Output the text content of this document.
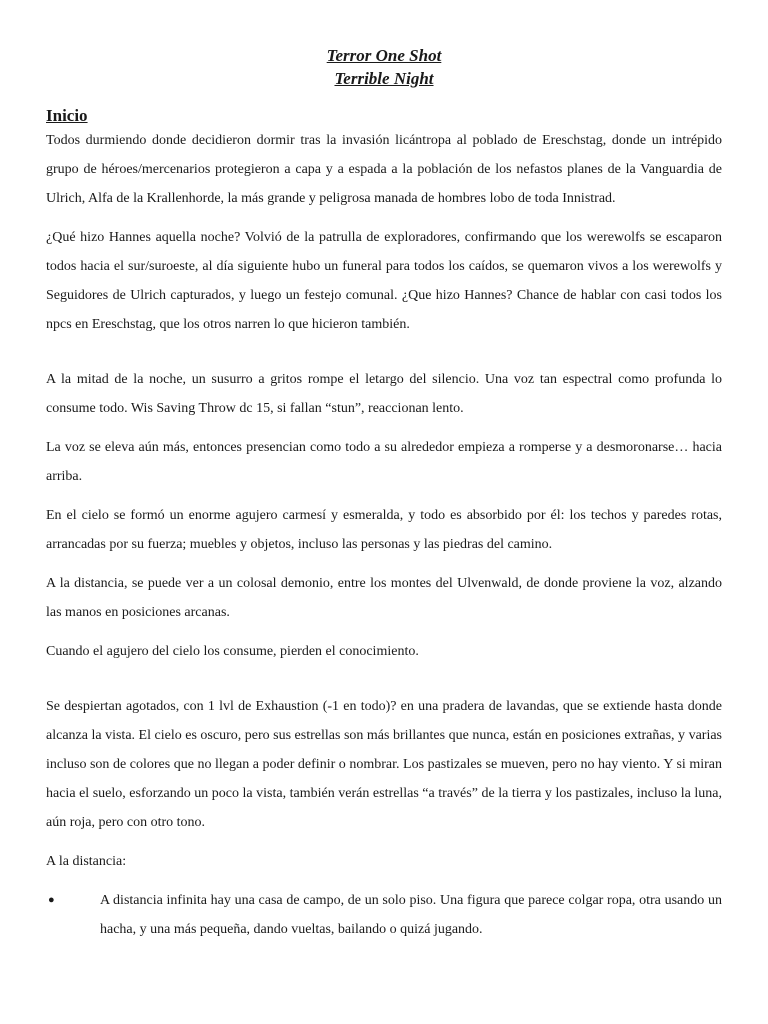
Terror One Shot
Terrible Night
Inicio

Todos durmiendo donde decidieron dormir tras la invasión licántropa al poblado de Ereschstag, donde un intrépido grupo de héroes/mercenarios protegieron a capa y a espada a la población de los nefastos planes de la Vanguardia de Ulrich, Alfa de la Krallenhorde, la más grande y peligrosa manada de hombres lobo de toda Innistrad.

¿Qué hizo Hannes aquella noche? Volvió de la patrulla de exploradores, confirmando que los werewolfs se escaparon todos hacia el sur/suroeste, al día siguiente hubo un funeral para todos los caídos, se quemaron vivos a los werewolfs y Seguidores de Ulrich capturados, y luego un festejo comunal. ¿Que hizo Hannes? Chance de hablar con casi todos los npcs en Ereschstag, que los otros narren lo que hicieron también.

A la mitad de la noche, un susurro a gritos rompe el letargo del silencio. Una voz tan espectral como profunda lo consume todo. Wis Saving Throw dc 15, si fallan “stun”, reaccionan lento.

La voz se eleva aún más, entonces presencian como todo a su alrededor empieza a romperse y a desmoronarse… hacia arriba.

En el cielo se formó un enorme agujero carmesí y esmeralda, y todo es absorbido por él: los techos y paredes rotas, arrancadas por su fuerza; muebles y objetos, incluso las personas y las piedras del camino.

A la distancia, se puede ver a un colosal demonio, entre los montes del Ulvenwald, de donde proviene la voz, alzando las manos en posiciones arcanas.

Cuando el agujero del cielo los consume, pierden el conocimiento.

Se despiertan agotados, con 1 lvl de Exhaustion (-1 en todo)? en una pradera de lavandas, que se extiende hasta donde alcanza la vista. El cielo es oscuro, pero sus estrellas son más brillantes que nunca, están en posiciones extrañas, y varias incluso son de colores que no llegan a poder definir o nombrar. Los pastizales se mueven, pero no hay viento. Y si miran hacia el suelo, esforzando un poco la vista, también verán estrellas “a través” de la tierra y los pastizales, incluso la luna, aún roja, pero con otro tono.

A la distancia:

●	A distancia infinita hay una casa de campo, de un solo piso. Una figura que parece colgar ropa, otra usando un hacha, y una más pequeña, dando vueltas, bailando o quizá jugando.
